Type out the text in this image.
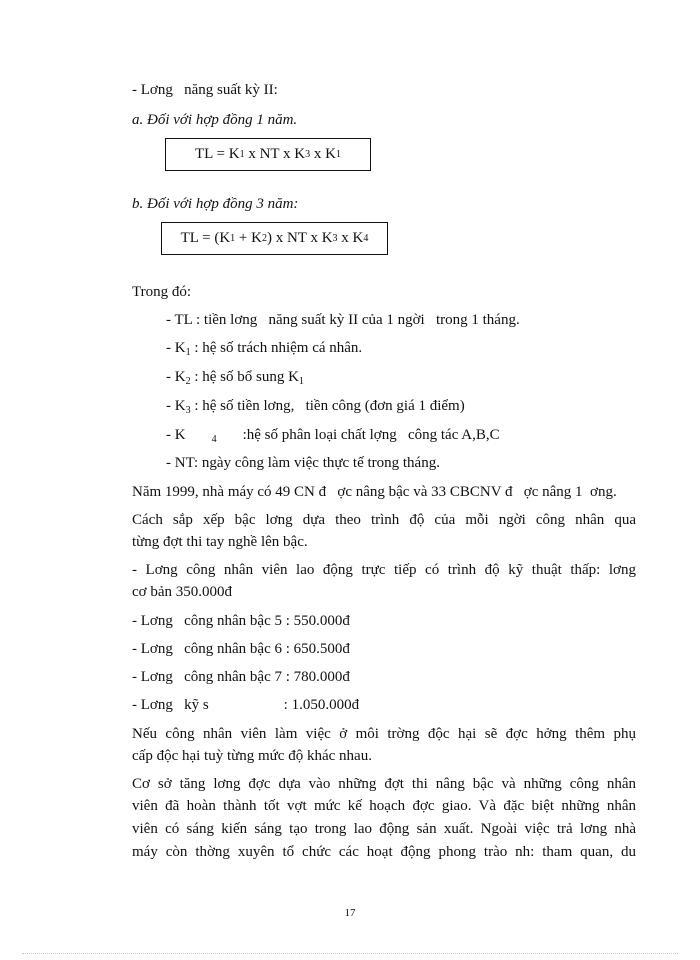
- Lơng   năng suất kỳ II:
a. Đối với hợp đồng 1 năm.
TL = K 1 x NT x K 3 x K 1
b. Đối với hợp đồng 3 năm:
TL = (K 1 + K 2 ) x NT x K 3 x K 4
Trong đó:
- TL : tiền lơng   năng suất kỳ II của 1 ngời   trong 1 tháng.
- $K_1$ : hệ số trách nhiệm cá nhân.
- $K_2$ : hệ số bổ sung $K_1$
- $K_3$ : hệ số tiền lơng,   tiền công (đơn giá 1 điểm)
- K	$_4$ :hệ số phân loại chất lợng   công tác A,B,C
- NT: ngày công làm việc thực tế trong tháng.
Năm 1999, nhà máy có 49 CN đ   ợc nâng bậc và 33 CBCNV đ   ợc nâng 1  ơng.
Cách sắp xếp bậc lơng dựa theo trình độ của mỗi ngời công nhân qua
từng đợt thi tay nghề lên bậc.
- Lơng công nhân viên lao động trực tiếp có trình độ kỹ thuật thấp: lơng
cơ bản 350.000đ
- Lơng   công nhân bậc 5 : 550.000đ
- Lơng   công nhân bậc 6 : 650.500đ
- Lơng   công nhân bậc 7 : 780.000đ
- Lơng   kỹ s                    : 1.050.000đ
Nếu công nhân viên làm việc ở môi trờng độc hại sẽ đợc hởng thêm phụ
cấp độc hại tuỳ từng mức độ khác nhau.
Cơ sở tăng lơng đợc dựa vào những đợt thi nâng bậc và những công nhân
viên đã hoàn thành tốt vợt mức kế hoạch đợc giao. Và đặc biệt những nhân
viên có sáng kiến sáng tạo trong lao động sản xuất. Ngoài việc trả lơng nhà
máy còn thờng xuyên tổ chức các hoạt động phong trào nh: tham quan, du
17
